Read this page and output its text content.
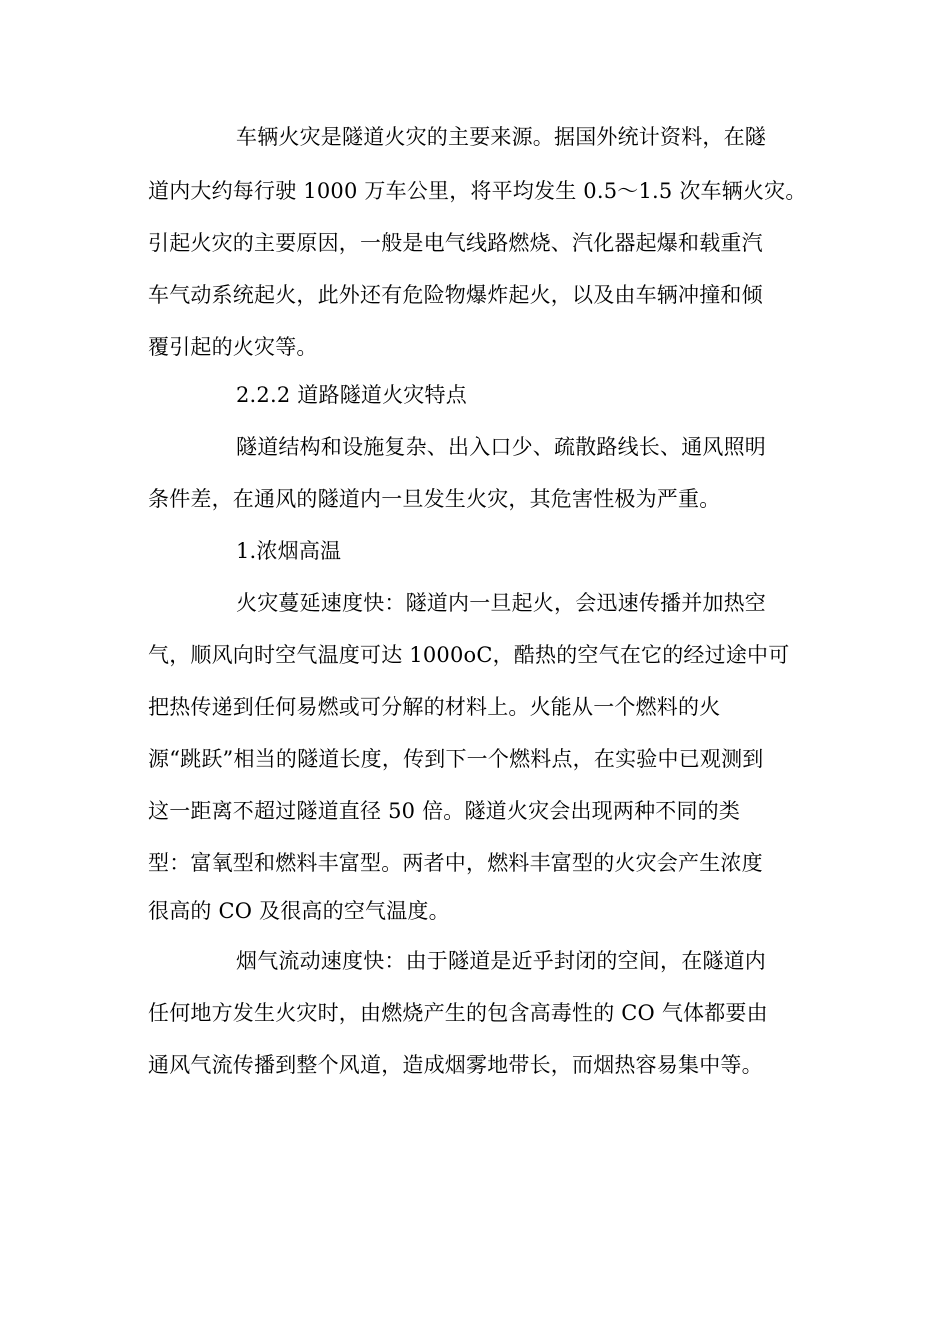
车辆火灾是隧道火灾的主要来源。据国外统计资料，在隧
道内大约每行驶 1000 万车公里，将平均发生 0.5～1.5 次车辆火灾。
引起火灾的主要原因，一般是电气线路燃烧、汽化器起爆和载重汽
车气动系统起火，此外还有危险物爆炸起火，以及由车辆冲撞和倾
覆引起的火灾等。
2.2.2 道路隧道火灾特点
隧道结构和设施复杂、出入口少、疏散路线长、通风照明
条件差，在通风的隧道内一旦发生火灾，其危害性极为严重。
1.浓烟高温
火灾蔓延速度快：隧道内一旦起火，会迅速传播并加热空
气，顺风向时空气温度可达 1000oC，酷热的空气在它的经过途中可
把热传递到任何易燃或可分解的材料上。火能从一个燃料的火
源“跳跃”相当的隧道长度，传到下一个燃料点，在实验中已观测到
这一距离不超过隧道直径 50 倍。隧道火灾会出现两种不同的类
型：富氧型和燃料丰富型。两者中，燃料丰富型的火灾会产生浓度
很高的 CO 及很高的空气温度。
烟气流动速度快：由于隧道是近乎封闭的空间，在隧道内
任何地方发生火灾时，由燃烧产生的包含高毒性的 CO 气体都要由
通风气流传播到整个风道，造成烟雾地带长，而烟热容易集中等。
